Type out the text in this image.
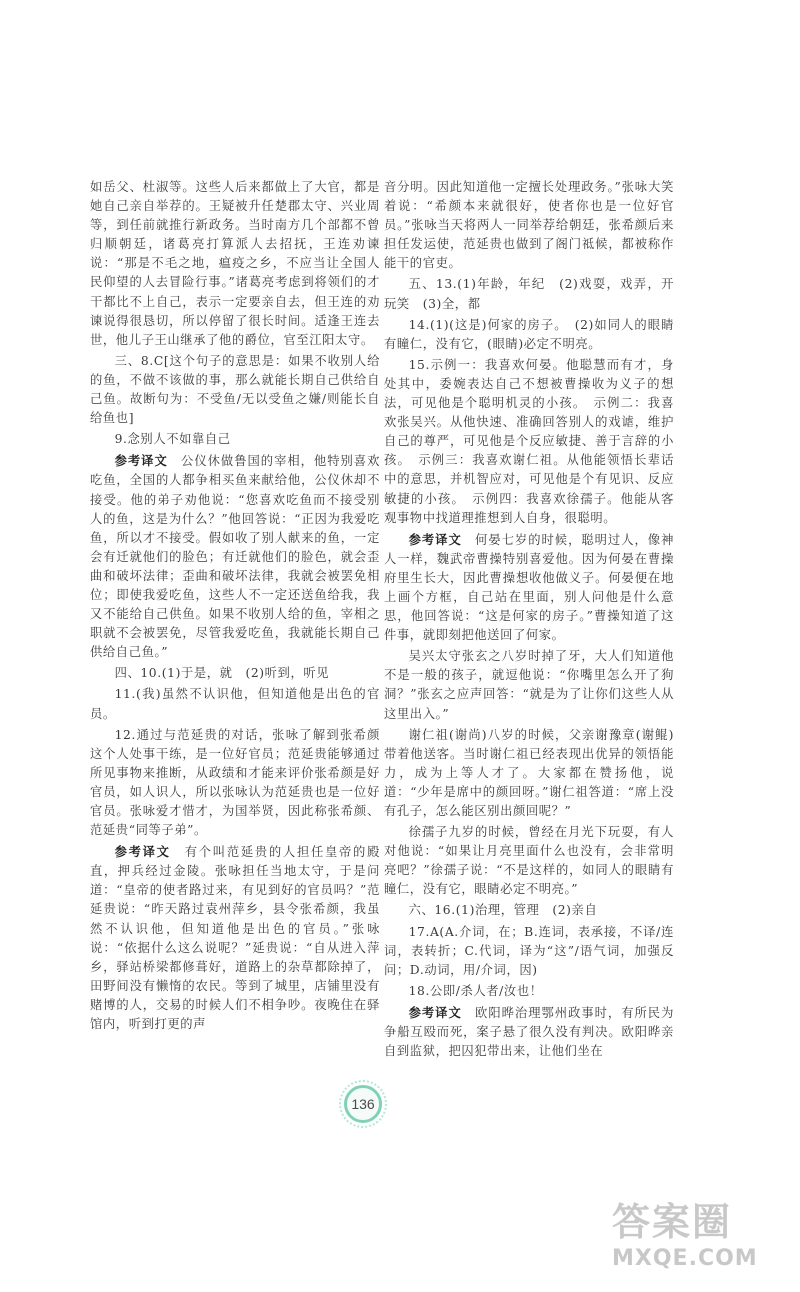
如岳父、杜淑等。这些人后来都做上了大官，都是她自己亲自举荐的。王疑被升任楚郡太守、兴业周等，到任前就推行新政务。当时南方几个部都不曾归顺朝廷，诸葛亮打算派人去招抚，王连劝谏说：“那是不毛之地，瘟疫之乡，不应当让全国人民仰望的人去冒险行事。”诸葛亮考虑到将领们的才干都比不上自己，表示一定要亲自去，但王连的劝谏说得很恳切，所以停留了很长时间。适逢王连去世，他儿子王山继承了他的爵位，官至江阳太守。

三、8.C[这个句子的意思是：如果不收别人给的鱼，不做不该做的事，那么就能长期自己供给自己鱼。故断句为：不受鱼/无以受鱼之嫌/则能长自给鱼也]

9.念别人不如靠自己

参考译文　 公仪休做鲁国的宰相，他特别喜欢吃鱼，全国的人都争相买鱼来献给他，公仪休却不接受。他的弟子劝他说：“您喜欢吃鱼而不接受别人的鱼，这是为什么？”他回答说：“正因为我爱吃鱼，所以才不接受。假如收了别人献来的鱼，一定会有迁就他们的脸色；有迁就他们的脸色，就会歪曲和破坏法律；歪曲和破坏法律，我就会被罢免相位；即使我爱吃鱼，这些人不一定还送鱼给我，我又不能给自己供鱼。如果不收别人给的鱼，宰相之职就不会被罢免，尽管我爱吃鱼，我就能长期自己供给自己鱼。”

四、10.(1)于是，就　(2)听到，听见

11.(我)虽然不认识他，但知道他是出色的官员。

12.通过与范延贵的对话，张咏了解到张希颜这个人处事干练，是一位好官员；范延贵能够通过所见事物来推断，从政绩和才能来评价张希颜是好官员，如人识人，所以张咏认为范延贵也是一位好官员。张咏爱才惜才，为国举贤，因此称张希颜、范延贵“同等子弟”。

参考译文　 有个叫范延贵的人担任皇帝的殿直，押兵经过金陵。张咏担任当地太守，于是问道：“皇帝的使者路过来，有见到好的官员吗？”范延贵说：“昨天路过袁州萍乡，县令张希颜，我虽然不认识他，但知道他是出色的官员。”张咏说：“依据什么这么说呢？”延贵说：“自从进入萍乡，驿站桥梁都修葺好，道路上的杂草都除掉了，田野间没有懒惰的农民。等到了城里，店铺里没有赌博的人，交易的时候人们不相争吵。夜晚住在驿馆内，听到打更的声

音分明。因此知道他一定擅长处理政务。”张咏大笑着说：“希颜本来就很好，使者你也是一位好官员。”张咏当天将两人一同举荐给朝廷，张希颜后来担任发运使，范延贵也做到了阁门祗候，都被称作能干的官吏。

五、13.(1)年龄，年纪　(2)戏耍，戏弄，开玩笑　(3)全，都

14.(1)(这是)何家的房子。　(2)如同人的眼睛有瞳仁，没有它，(眼睛)必定不明亮。

15.示例一：我喜欢何晏。他聪慧而有才，身处其中，委婉表达自己不想被曹操收为义子的想法，可见他是个聪明机灵的小孩。　示例二：我喜欢张吴兴。从他快速、准确回答别人的戏谑，维护自己的尊严，可见他是个反应敏捷、善于言辞的小孩。　示例三：我喜欢谢仁祖。从他能领悟长辈话中的意思，并机智应对，可见他是个有见识、反应敏捷的小孩。　示例四：我喜欢徐孺子。他能从客观事物中找道理推想到人自身，很聪明。

参考译文　 何晏七岁的时候，聪明过人，像神人一样，魏武帝曹操特别喜爱他。因为何晏在曹操府里生长大，因此曹操想收他做义子。何晏便在地上画个方框，自己站在里面，别人问他是什么意思，他回答说：“这是何家的房子。”曹操知道了这件事，就即刻把他送回了何家。

吴兴太守张玄之八岁时掉了牙，大人们知道他不是一般的孩子，就逗他说：“你嘴里怎么开了狗洞？”张玄之应声回答：“就是为了让你们这些人从这里出入。”

谢仁祖(谢尚)八岁的时候，父亲谢豫章(谢鲲)带着他送客。当时谢仁祖已经表现出优异的领悟能力，成为上等人才了。大家都在赞扬他，说道：“少年是席中的颜回呀。”谢仁祖答道：“席上没有孔子，怎么能区别出颜回呢？”

徐孺子九岁的时候，曾经在月光下玩耍，有人对他说：“如果让月亮里面什么也没有，会非常明亮吧？”徐孺子说：“不是这样的，如同人的眼睛有瞳仁，没有它，眼睛必定不明亮。”

六、16.(1)治理，管理　(2)亲自

17.A(A.介词，在；B.连词，表承接，不译/连词，表转折；C.代词，译为“这”/语气词，加强反问；D.动词，用/介词，因)

18.公即/杀人者/汝也！

参考译文　 欧阳晔治理鄂州政事时，有所民为争船互殴而死，案子悬了很久没有判决。欧阳晔亲自到监狱，把囚犯带出来，让他们坐在

136
答案圈
MXQE.COM
